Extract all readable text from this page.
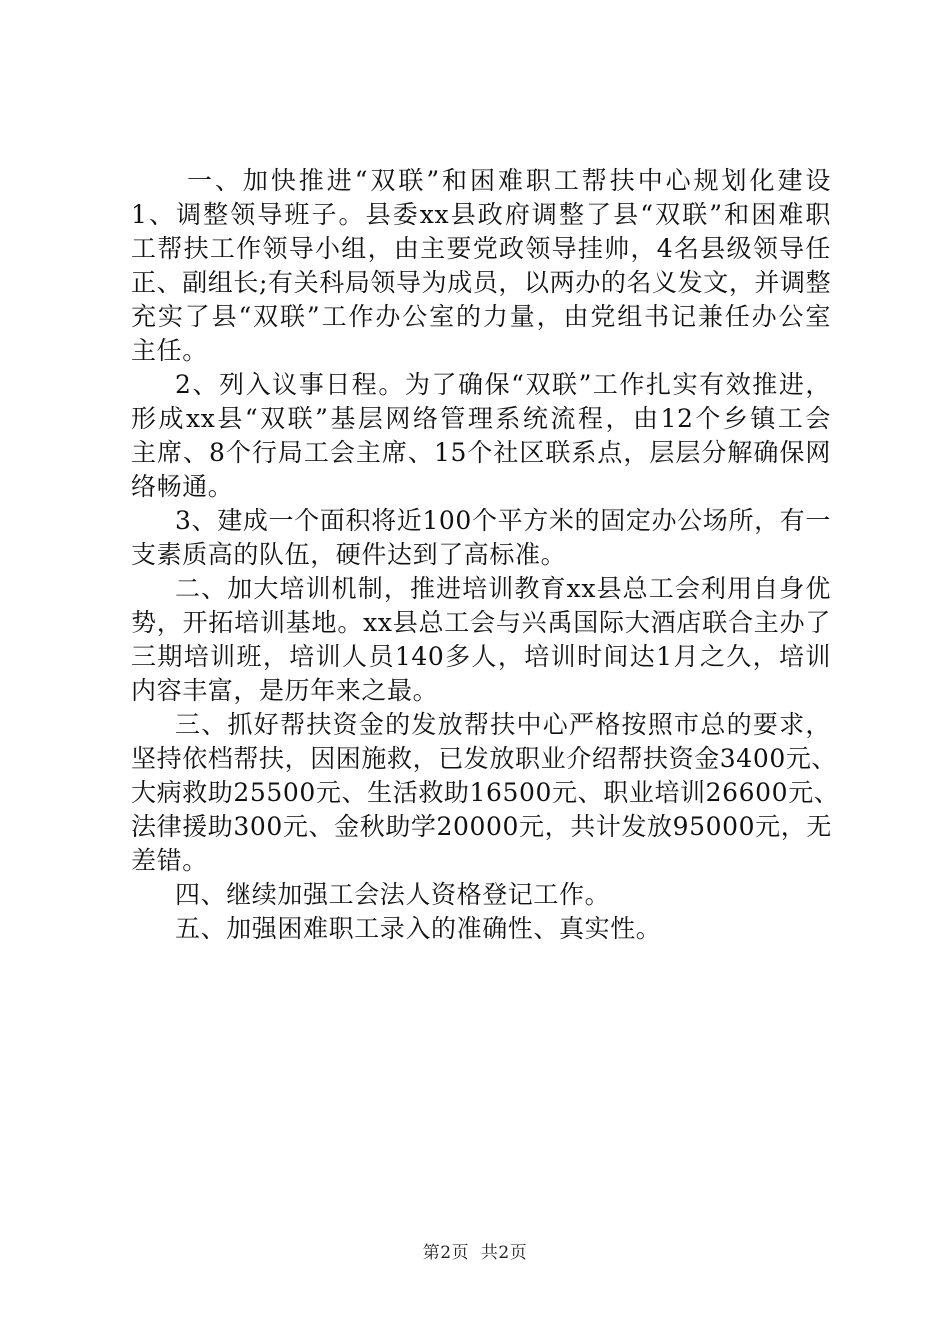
一、加快推进“双联”和困难职工帮扶中心规划化建设
1、调整领导班子。县委xx县政府调整了县“双联”和困难职
工帮扶工作领导小组，由主要党政领导挂帅，4名县级领导任
正、副组长;有关科局领导为成员，以两办的名义发文，并调整
充实了县“双联”工作办公室的力量，由党组书记兼任办公室
主任。
2、列入议事日程。为了确保“双联”工作扎实有效推进，
形成xx县“双联”基层网络管理系统流程，由12个乡镇工会
主席、8个行局工会主席、15个社区联系点，层层分解确保网
络畅通。
3、建成一个面积将近100个平方米的固定办公场所，有一
支素质高的队伍，硬件达到了高标准。
二、加大培训机制，推进培训教育xx县总工会利用自身优
势，开拓培训基地。xx县总工会与兴禹国际大酒店联合主办了
三期培训班，培训人员140多人，培训时间达1月之久，培训
内容丰富，是历年来之最。
三、抓好帮扶资金的发放帮扶中心严格按照市总的要求，
坚持依档帮扶，因困施救，已发放职业介绍帮扶资金3400元、
大病救助25500元、生活救助16500元、职业培训26600元、
法律援助300元、金秋助学20000元，共计发放95000元，无
差错。
四、继续加强工会法人资格登记工作。
五、加强困难职工录入的准确性、真实性。
第2页  共2页
